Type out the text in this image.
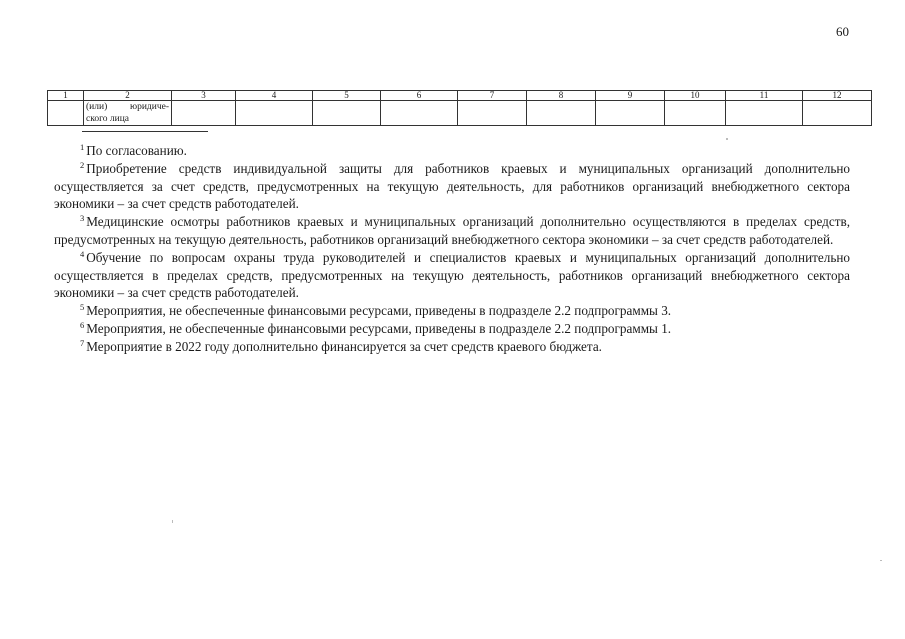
60
1	2	3	4	5	6	7	8	9	10	11	12
	(или) юридиче-ского лица										

$^1$ По согласованию.

$^2$ Приобретение средств индивидуальной защиты для работников краевых и муниципальных организаций дополнительно осуществляется за счет средств, предусмотренных на текущую деятельность, для работников организаций внебюджетного сектора экономики – за счет средств работодателей.

$^3$ Медицинские осмотры работников краевых и муниципальных организаций дополнительно осуществляются в пределах средств, предусмотренных на текущую деятельность, работников организаций внебюджетного сектора экономики – за счет средств работодателей.

$^4$ Обучение по вопросам охраны труда руководителей и специалистов краевых и муниципальных организаций дополнительно осуществляется в пределах средств, предусмотренных на текущую деятельность, работников организаций внебюджетного сектора экономики – за счет средств работодателей.

$^5$ Мероприятия, не обеспеченные финансовыми ресурсами, приведены в подразделе 2.2 подпрограммы 3.

$^6$ Мероприятия, не обеспеченные финансовыми ресурсами, приведены в подразделе 2.2 подпрограммы 1.

$^7$ Мероприятие в 2022 году дополнительно финансируется за счет средств краевого бюджета.
